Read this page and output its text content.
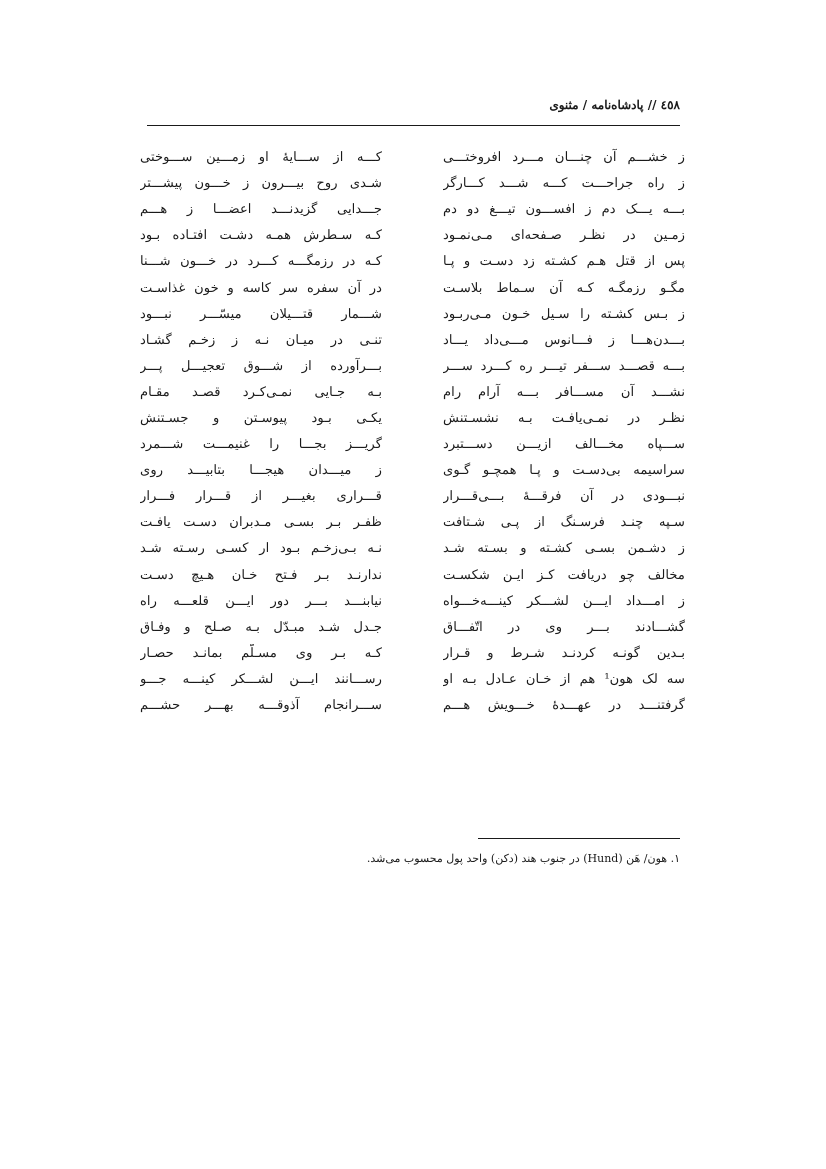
٤٥٨ // پادشاه‌نامه / مثنوی
ز خشـــم آن چنـــان مـــرد افروختـــی
کـــه از ســـایهٔ او زمـــین ســـوختی
ز راه جراحـــت کـــه شـــد کـــارگر
شـدی روح بیـــرون ز خـــون پیشـــتر
بـــه یـــک دم ز افســـون تیـــغ دو دم
جـــدایی گزیدنـــد اعضـــا ز هـــم
زمـین در نظـر صـفحه‌ای مـی‌نمـود
کـه سـطرش همـه دشـت افتـاده بـود
پس از قتل هـم کشـته زد دسـت و پـا
کـه در رزمگـــه کـــرد در خـــون شـــنا
مگـو رزمگـه کـه آن سـماط بلاسـت
در آن سفره سر کاسه و خون غذاسـت
ز بـس کشـته را سـیل خـون مـی‌ربـود
شـــمار قتـــیلان میسّـــر نبـــود
بـــدن‌هـــا ز فـــانوس مـــی‌داد یـــاد
تنـی در میـان نـه ز زخـم گشـاد
بـــه قصـــد ســـفر تیـــر ره کـــرد ســـر
بـــرآورده از شـــوق تعجیـــل پـــر
نشـــد آن مســـافر بـــه آرام رام
بـه جـایی نمـی‌کـرد قصـد مقـام
نظـر در نمـی‌یافـت بـه نشسـتنش
یکـی بـود پیوسـتن و جسـتنش
ســـپاه مخـــالف ازیـــن دســـتبرد
گریـــز بجـــا را غنیمـــت شـــمرد
سراسیمه بی‌دسـت و پـا همچـو گـوی
ز میـــدان هیجـــا بتابیـــد روی
نبـــودی در آن فرقـــهٔ بـــی‌قـــرار
قـــراری بغیـــر از قـــرار فـــرار
سـپه چنـد فرسـنگ از پـی شـتافت
ظفـر بـر بسـی مـدبران دسـت یافـت
ز دشـمن بسـی کشـته و بسـته شـد
نـه بـی‌زخـم بـود ار کسـی رسـته شـد
مخالف چو دریافت کـز ایـن شکسـت
ندارنـد بـر فـتح خـان هـیچ دسـت
ز امـــداد ایـــن لشـــکر کینـــه‌خـــواه
نیابنـــد بـــر دور ایـــن قلعـــه راه
گشـــادند بـــر وی در اتّفـــاق
جـدل شـد مبـدّل بـه صـلح و وفـاق
بـدین گونـه کردنـد شـرط و قـرار
کـه بـر وی مسـلّم بمانـد حصـار
سه لک هون¹ هم از خـان عـادل بـه او
رســـانند ایـــن لشـــکر کینـــه جـــو
گرفتنـــد در عهـــدهٔ خـــویش هـــم
ســـرانجام آذوقـــه بهـــر حشـــم
۱. هون/ هَن (Hund) در جنوب هند (دکن) واحد پول محسوب می‌شد.
